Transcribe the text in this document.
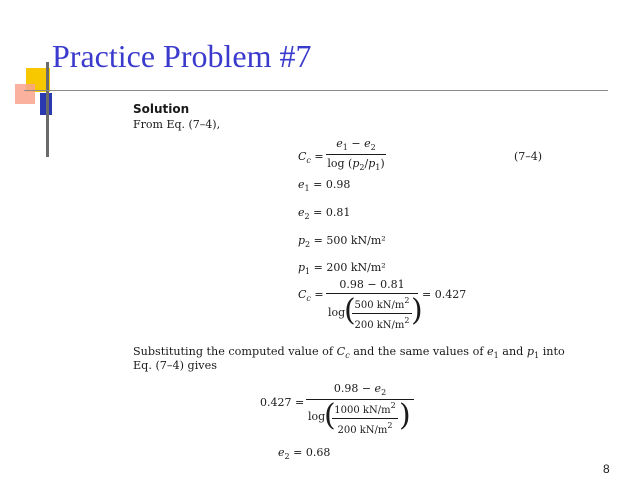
Practice Problem #7
Solution
From Eq. (7–4),
$C_c$ =
$e_1 - e_2$
$\log (p_2/p_1)$
(7–4)
$e_1 = 0.98$
$e_2 = 0.81$
$p_2 = 500$ kN/m²
$p_1 = 200$ kN/m²
$C_c$ =
0.98 − 0.81
log
(
500 $kN/m^2$
200 $kN/m^2$ ) = 0.427
Substituting the computed value of $C_c$ and the same values of $e_1$ and $p_1$ into
Eq. (7–4) gives
0.427 =
$0.98 - e_2$
log
(
1000 $kN/m^2$
200 $kN/m^2$ )
$e_2 = 0.68$
8
